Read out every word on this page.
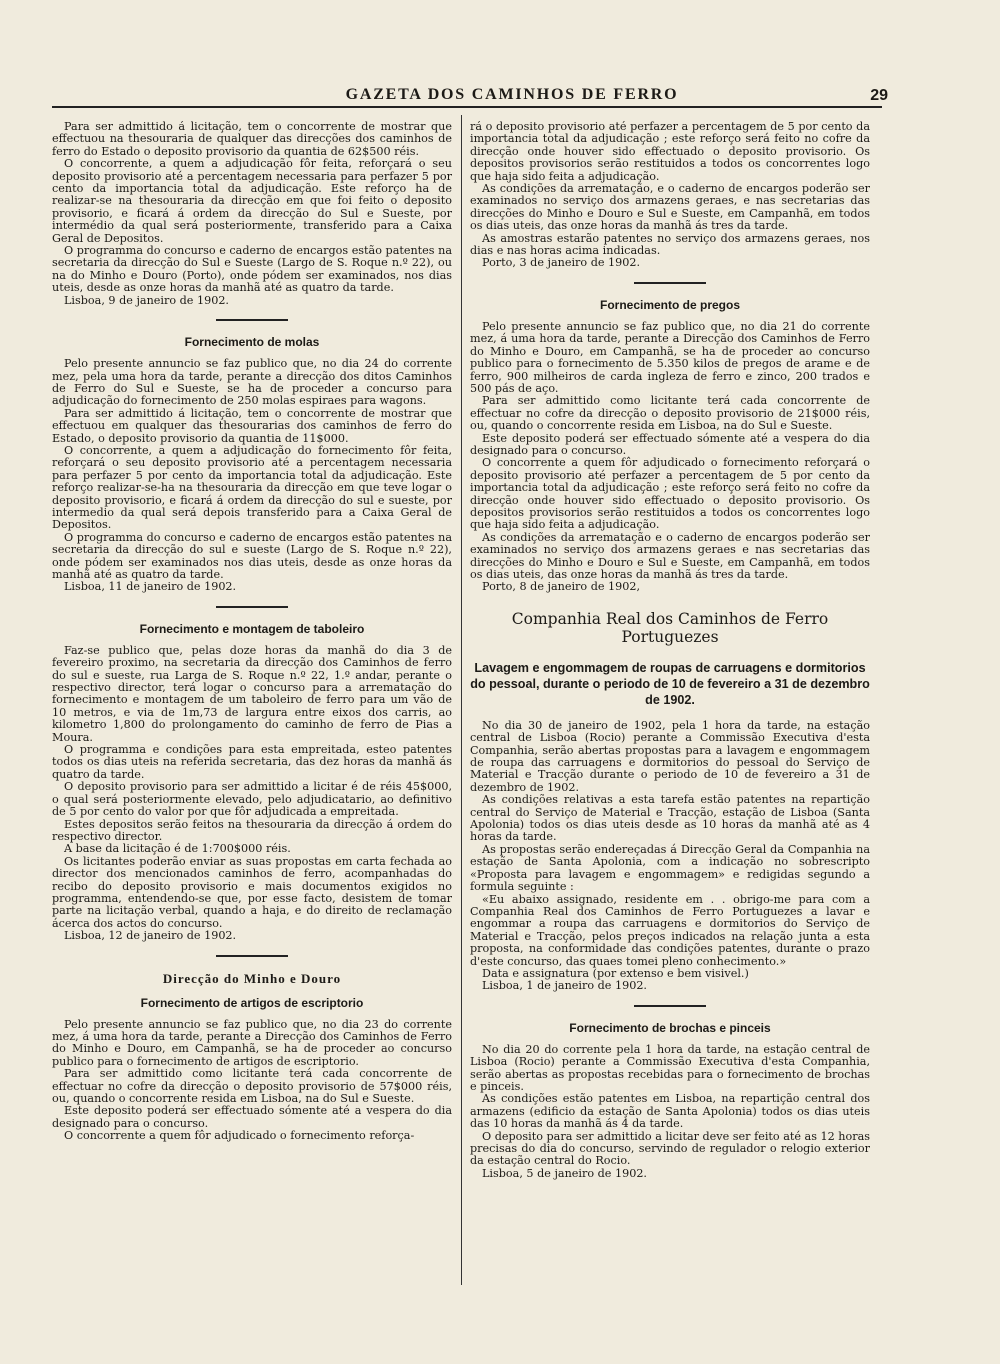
GAZETA DOS CAMINHOS DE FERRO	29

Para ser admittido á licitação, tem o concorrente de mostrar que effectuou na thesouraria de qualquer das direcções dos caminhos de ferro do Estado o deposito provisorio da quantia de 62$500 réis.

O concorrente, a quem a adjudicação fôr feita, reforçará o seu deposito provisorio até a percentagem necessaria para perfazer 5 por cento da importancia total da adjudicação. Este reforço ha de realizar-se na thesouraria da direcção em que foi feito o deposito provisorio, e ficará á ordem da direcção do Sul e Sueste, por intermédio da qual será posteriormente, transferido para a Caixa Geral de Depositos.

O programma do concurso e caderno de encargos estão patentes na secretaria da direcção do Sul e Sueste (Largo de S. Roque n.º 22), ou na do Minho e Douro (Porto), onde pódem ser examinados, nos dias uteis, desde as onze horas da manhã até as quatro da tarde.

Lisboa, 9 de janeiro de 1902.

Fornecimento de molas

Pelo presente annuncio se faz publico que, no dia 24 do corrente mez, pela uma hora da tarde, perante a direcção dos ditos Caminhos de Ferro do Sul e Sueste, se ha de proceder a concurso para adjudicação do fornecimento de 250 molas espiraes para wagons.

Para ser admittido á licitação, tem o concorrente de mostrar que effectuou em qualquer das thesourarias dos caminhos de ferro do Estado, o deposito provisorio da quantia de 11$000.

O concorrente, a quem a adjudicação do fornecimento fôr feita, reforçará o seu deposito provisorio até a percentagem necessaria para perfazer 5 por cento da importancia total da adjudicação. Este reforço realizar-se-ha na thesouraria da direcção em que teve logar o deposito provisorio, e ficará á ordem da direcção do sul e sueste, por intermedio da qual será depois transferido para a Caixa Geral de Depositos.

O programma do concurso e caderno de encargos estão patentes na secretaria da direcção do sul e sueste (Largo de S. Roque n.º 22), onde pódem ser examinados nos dias uteis, desde as onze horas da manhã até as quatro da tarde.

Lisboa, 11 de janeiro de 1902.

Fornecimento e montagem de taboleiro

Faz-se publico que, pelas doze horas da manhã do dia 3 de fevereiro proximo, na secretaria da direcção dos Caminhos de ferro do sul e sueste, rua Larga de S. Roque n.º 22, 1.º andar, perante o respectivo director, terá logar o concurso para a arrematação do fornecimento e montagem de um taboleiro de ferro para um vão de 10 metros, e via de 1m,73 de largura entre eixos dos carris, ao kilometro 1,800 do prolongamento do caminho de ferro de Pias a Moura.

O programma e condições para esta empreitada, esteo patentes todos os dias uteis na referida secretaria, das dez horas da manhã ás quatro da tarde.

O deposito provisorio para ser admittido a licitar é de réis 45$000, o qual será posteriormente elevado, pelo adjudicatario, ao definitivo de 5 por cento do valor por que fôr adjudicada a empreitada.

Estes depositos serão feitos na thesouraria da direcção á ordem do respectivo director.

A base da licitação é de 1:700$000 réis.

Os licitantes poderão enviar as suas propostas em carta fechada ao director dos mencionados caminhos de ferro, acompanhadas do recibo do deposito provisorio e mais documentos exigidos no programma, entendendo-se que, por esse facto, desistem de tomar parte na licitação verbal, quando a haja, e do direito de reclamação ácerca dos actos do concurso.

Lisboa, 12 de janeiro de 1902.

Direcção do Minho e Douro
Fornecimento de artigos de escriptorio

Pelo presente annuncio se faz publico que, no dia 23 do corrente mez, á uma hora da tarde, perante a Direcção dos Caminhos de Ferro do Minho e Douro, em Campanhã, se ha de proceder ao concurso publico para o fornecimento de artigos de escriptorio.

Para ser admittido como licitante terá cada concorrente de effectuar no cofre da direcção o deposito provisorio de 57$000 réis, ou, quando o concorrente resida em Lisboa, na do Sul e Sueste.

Este deposito poderá ser effectuado sómente até a vespera do dia designado para o concurso.

O concorrente a quem fôr adjudicado o fornecimento reforça-

rá o deposito provisorio até perfazer a percentagem de 5 por cento da importancia total da adjudicação ; este reforço será feito no cofre da direcção onde houver sido effectuado o deposito provisorio. Os depositos provisorios serão restituidos a todos os concorrentes logo que haja sido feita a adjudicação.

As condições da arrematação, e o caderno de encargos poderão ser examinados no serviço dos armazens geraes, e nas secretarias das direcções do Minho e Douro e Sul e Sueste, em Campanhã, em todos os dias uteis, das onze horas da manhã ás tres da tarde.

As amostras estarão patentes no serviço dos armazens geraes, nos dias e nas horas acima indicadas.

Porto, 3 de janeiro de 1902.

Fornecimento de pregos

Pelo presente annuncio se faz publico que, no dia 21 do corrente mez, á uma hora da tarde, perante a Direcção dos Caminhos de Ferro do Minho e Douro, em Campanhã, se ha de proceder ao concurso publico para o fornecimento de 5.350 kilos de pregos de arame e de ferro, 900 milheiros de carda ingleza de ferro e zinco, 200 trados e 500 pás de aço.

Para ser admittido como licitante terá cada concorrente de effectuar no cofre da direcção o deposito provisorio de 21$000 réis, ou, quando o concorrente resida em Lisboa, na do Sul e Sueste.

Este deposito poderá ser effectuado sómente até a vespera do dia designado para o concurso.

O concorrente a quem fôr adjudicado o fornecimento reforçará o deposito provisorio até perfazer a percentagem de 5 por cento da importancia total da adjudicação ; este reforço será feito no cofre da direcção onde houver sido effectuado o deposito provisorio. Os depositos provisorios serão restituidos a todos os concorrentes logo que haja sido feita a adjudicação.

As condições da arrematação e o caderno de encargos poderão ser examinados no serviço dos armazens geraes e nas secretarias das direcções do Minho e Douro e Sul e Sueste, em Campanhã, em todos os dias uteis, das onze horas da manhã ás tres da tarde.

Porto, 8 de janeiro de 1902,

Companhia Real dos Caminhos de Ferro Portuguezes
Lavagem e engommagem de roupas de carruagens e dormitorios do pessoal, durante o periodo de 10 de fevereiro a 31 de dezembro de 1902.

No dia 30 de janeiro de 1902, pela 1 hora da tarde, na estação central de Lisboa (Rocio) perante a Commissão Executiva d'esta Companhia, serão abertas propostas para a lavagem e engommagem de roupa das carruagens e dormitorios do pessoal do Serviço de Material e Tracção durante o periodo de 10 de fevereiro a 31 de dezembro de 1902.

As condições relativas a esta tarefa estão patentes na repartição central do Serviço de Material e Tracção, estação de Lisboa (Santa Apolonia) todos os dias uteis desde as 10 horas da manhã até as 4 horas da tarde.

As propostas serão endereçadas á Direcção Geral da Companhia na estação de Santa Apolonia, com a indicação no sobrescripto «Proposta para lavagem e engommagem» e redigidas segundo a formula seguinte :

«Eu abaixo assignado, residente em . . obrigo-me para com a Companhia Real dos Caminhos de Ferro Portuguezes a lavar e engommar a roupa das carruagens e dormitorios do Serviço de Material e Tracção, pelos preços indicados na relação junta a esta proposta, na conformidade das condições patentes, durante o prazo d'este concurso, das quaes tomei pleno conhecimento.»

Data e assignatura (por extenso e bem visivel.)

Lisboa, 1 de janeiro de 1902.

Fornecimento de brochas e pinceis

No dia 20 do corrente pela 1 hora da tarde, na estação central de Lisboa (Rocio) perante a Commissão Executiva d'esta Companhia, serão abertas as propostas recebidas para o fornecimento de brochas e pinceis.

As condições estão patentes em Lisboa, na repartição central dos armazens (edificio da estação de Santa Apolonia) todos os dias uteis das 10 horas da manhã ás 4 da tarde.

O deposito para ser admittido a licitar deve ser feito até as 12 horas precisas do dia do concurso, servindo de regulador o relogio exterior da estação central do Rocio.

Lisboa, 5 de janeiro de 1902.
